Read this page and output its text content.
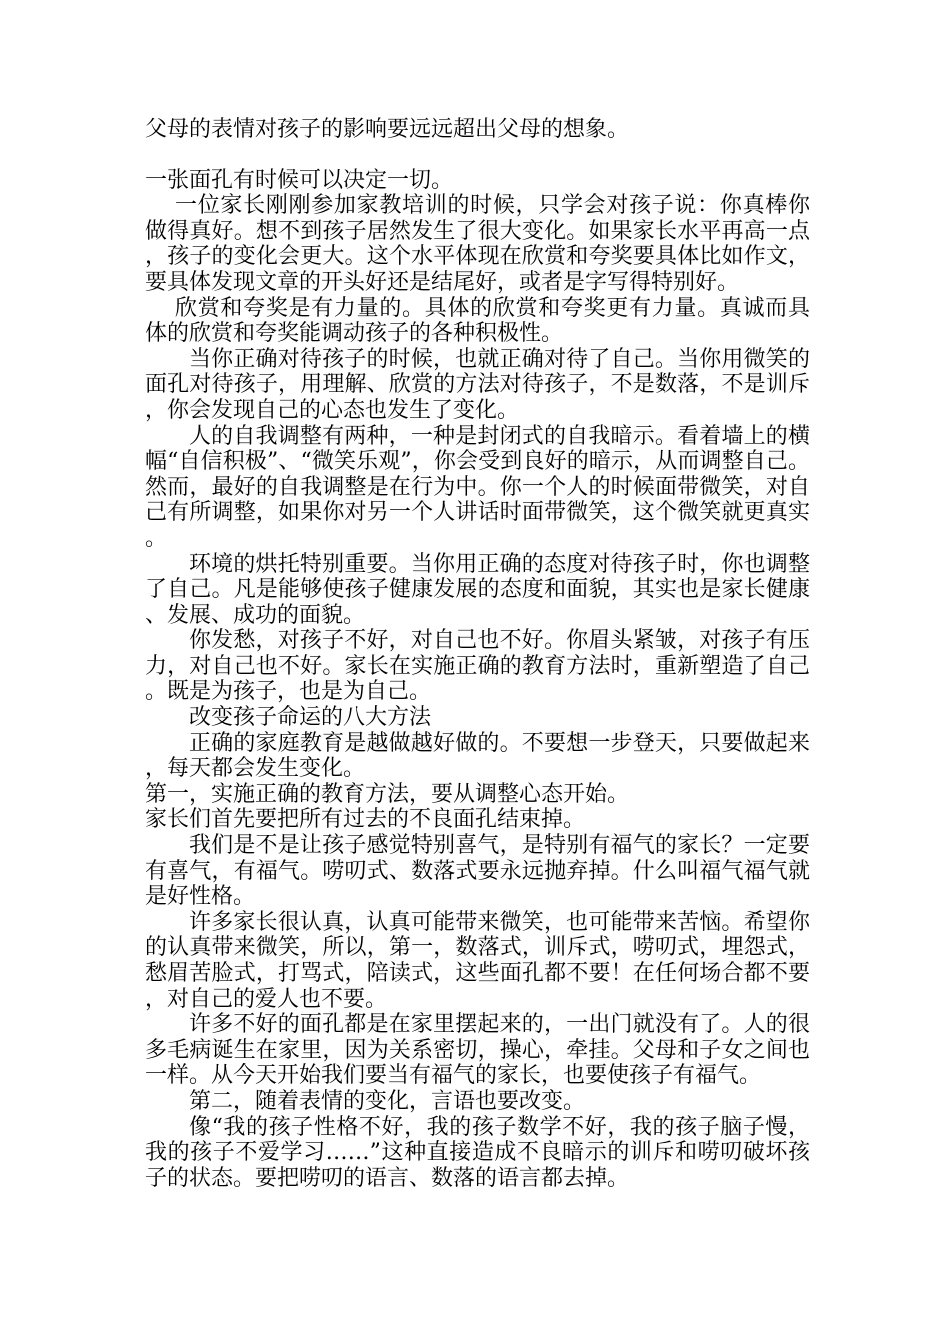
父母的表情对孩子的影响要远远超出父母的想象。

一张面孔有时候可以决定一切。

一位家长刚刚参加家教培训的时候，只学会对孩子说：你真棒你做得真好。想不到孩子居然发生了很大变化。如果家长水平再高一点，孩子的变化会更大。这个水平体现在欣赏和夸奖要具体比如作文，要具体发现文章的开头好还是结尾好，或者是字写得特别好。

欣赏和夸奖是有力量的。具体的欣赏和夸奖更有力量。真诚而具体的欣赏和夸奖能调动孩子的各种积极性。

当你正确对待孩子的时候，也就正确对待了自己。当你用微笑的面孔对待孩子，用理解、欣赏的方法对待孩子，不是数落，不是训斥，你会发现自己的心态也发生了变化。

人的自我调整有两种，一种是封闭式的自我暗示。看着墙上的横幅“自信积极”、“微笑乐观”，你会受到良好的暗示，从而调整自己。然而，最好的自我调整是在行为中。你一个人的时候面带微笑，对自己有所调整，如果你对另一个人讲话时面带微笑，这个微笑就更真实。

环境的烘托特别重要。当你用正确的态度对待孩子时，你也调整了自己。凡是能够使孩子健康发展的态度和面貌，其实也是家长健康、发展、成功的面貌。

你发愁，对孩子不好，对自己也不好。你眉头紧皱，对孩子有压力，对自己也不好。家长在实施正确的教育方法时，重新塑造了自己。既是为孩子，也是为自己。

改变孩子命运的八大方法

正确的家庭教育是越做越好做的。不要想一步登天，只要做起来，每天都会发生变化。

第一，实施正确的教育方法，要从调整心态开始。

家长们首先要把所有过去的不良面孔结束掉。

我们是不是让孩子感觉特别喜气，是特别有福气的家长？一定要有喜气，有福气。唠叨式、数落式要永远抛弃掉。什么叫福气福气就是好性格。

许多家长很认真，认真可能带来微笑，也可能带来苦恼。希望你的认真带来微笑，所以，第一，数落式，训斥式，唠叨式，埋怨式，愁眉苦脸式，打骂式，陪读式，这些面孔都不要！在任何场合都不要，对自己的爱人也不要。

许多不好的面孔都是在家里摆起来的，一出门就没有了。人的很多毛病诞生在家里，因为关系密切，操心，牵挂。父母和子女之间也一样。从今天开始我们要当有福气的家长，也要使孩子有福气。

第二，随着表情的变化，言语也要改变。

像“我的孩子性格不好，我的孩子数学不好，我的孩子脑子慢，我的孩子不爱学习……”这种直接造成不良暗示的训斥和唠叨破坏孩子的状态。要把唠叨的语言、数落的语言都去掉。
